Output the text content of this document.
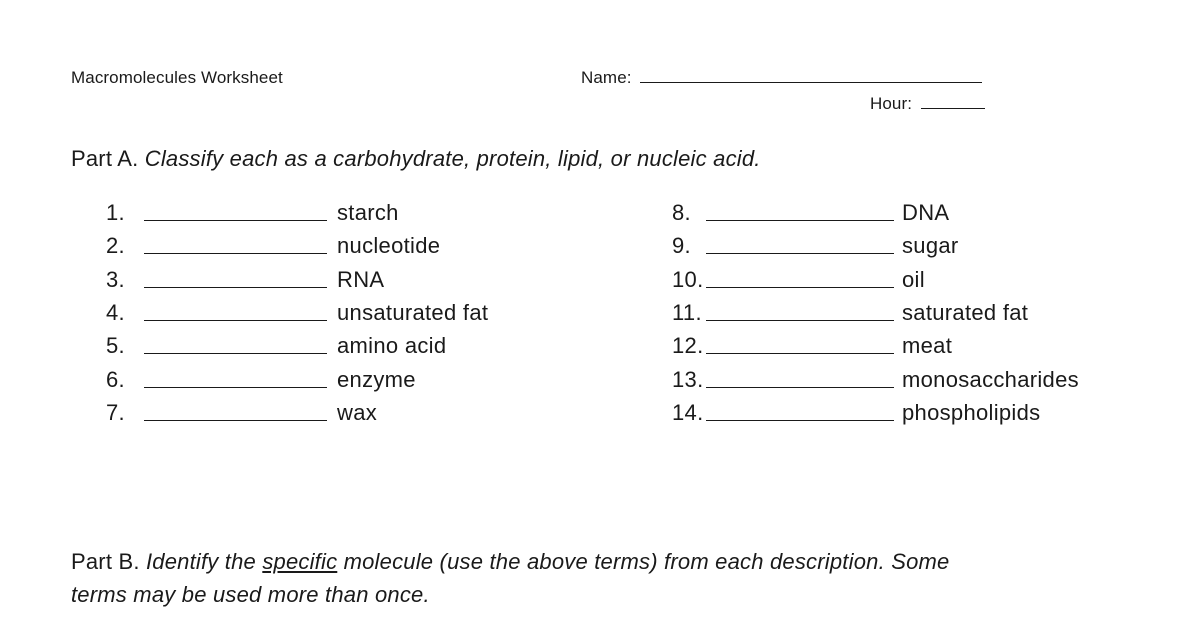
Macromolecules Worksheet	Name:
Hour:
Part A. Classify each as a carbohydrate, protein, lipid, or nucleic acid.
1.	starch
2.	nucleotide
3.	RNA
4.	unsaturated fat
5.	amino acid
6.	enzyme
7.	wax
8.	DNA
9.	sugar
10.	oil
11.	saturated fat
12.	meat
13.	monosaccharides
14.	phospholipids
Part B. Identify the specific molecule (use the above terms) from each description. Some
terms may be used more than once.
